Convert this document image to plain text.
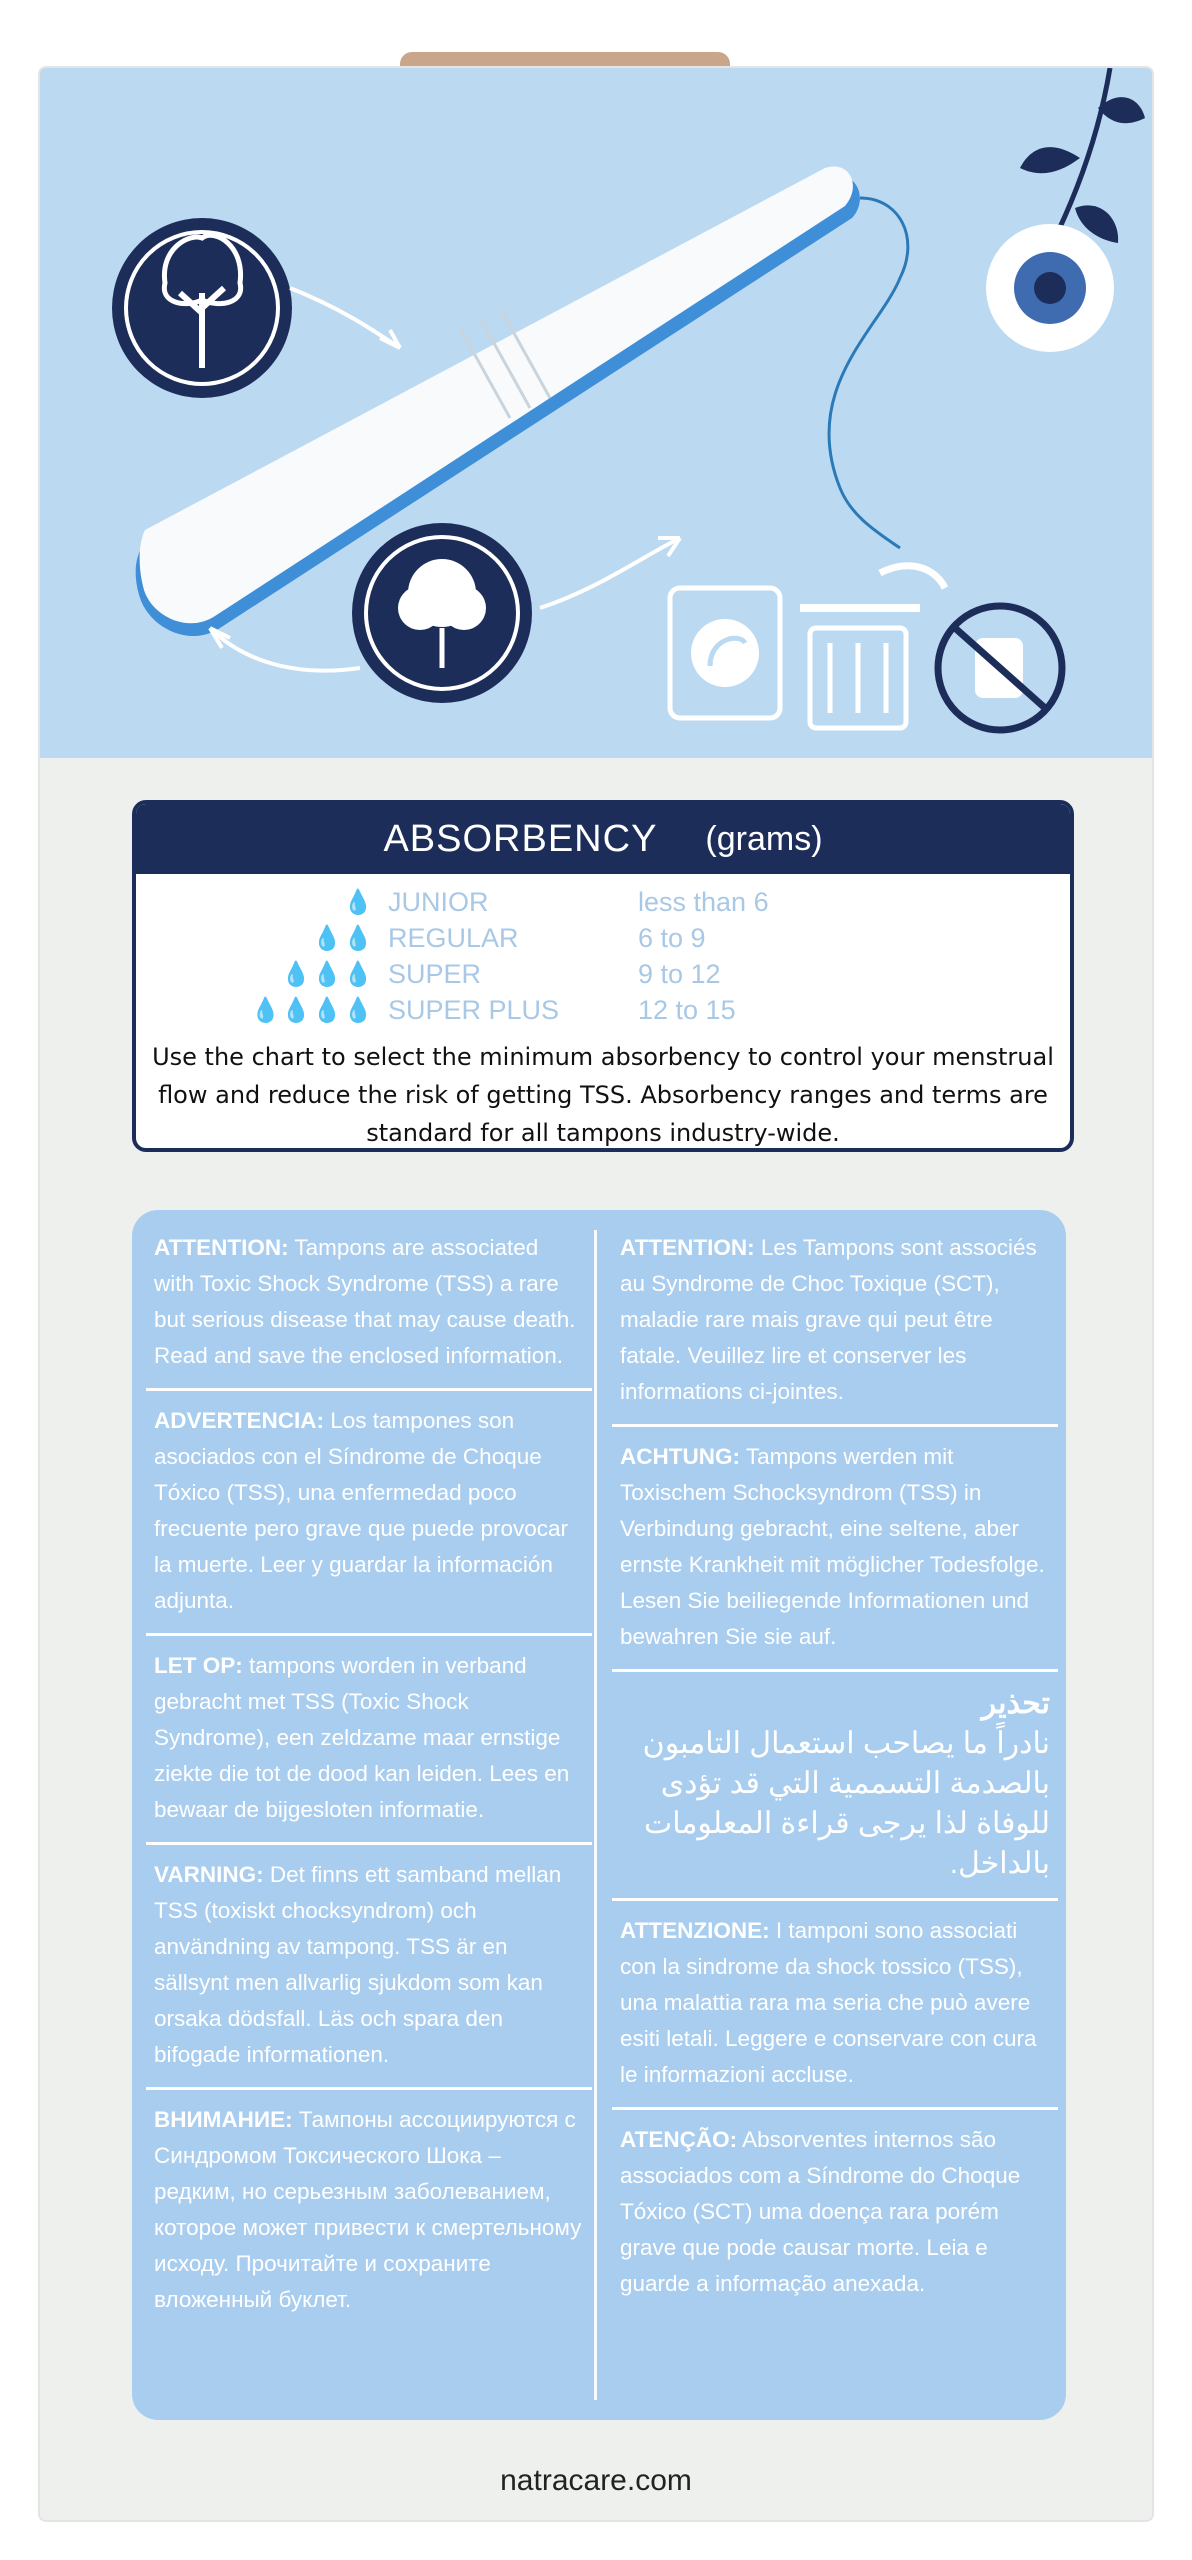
ABSORBENCY (grams)
💧 JUNIOR	less than 6
💧💧 REGULAR	6 to 9
💧💧💧 SUPER	9 to 12
💧💧💧💧 SUPER PLUS	12 to 15
Use the chart to select the minimum absorbency to control your menstrual flow and reduce the risk of getting TSS. Absorbency ranges and terms are standard for all tampons industry-wide.
ATTENTION: Tampons are associated with Toxic Shock Syndrome (TSS) a rare but serious disease that may cause death. Read and save the enclosed information.
ADVERTENCIA: Los tampones son asociados con el Síndrome de Choque Tóxico (TSS), una enfermedad poco frecuente pero grave que puede provocar la muerte. Leer y guardar la información adjunta.
LET OP: tampons worden in verband gebracht met TSS (Toxic Shock Syndrome), een zeldzame maar ernstige ziekte die tot de dood kan leiden. Lees en bewaar de bijgesloten informatie.
VARNING: Det finns ett samband mellan TSS (toxiskt chocksyndrom) och användning av tampong. TSS är en sällsynt men allvarlig sjukdom som kan orsaka dödsfall. Läs och spara den bifogade informationen.
ВНИМАНИЕ: Тампоны ассоциируются с Синдромом Токсического Шока – редким, но серьезным заболеванием, которое может привести к смертельному исходу. Прочитайте и сохраните вложенный буклет.
ATTENTION: Les Tampons sont associés au Syndrome de Choc Toxique (SCT), maladie rare mais grave qui peut être fatale. Veuillez lire et conserver les informations ci-jointes.
ACHTUNG: Tampons werden mit Toxischem Schocksyndrom (TSS) in Verbindung gebracht, eine seltene, aber ernste Krankheit mit möglicher Todesfolge. Lesen Sie beiliegende Informationen und bewahren Sie sie auf.
تحذير
نادراً ما يصاحب استعمال التامبون بالصدمة التسممية التي قد تؤدى للوفاة لذا يرجى قراءة المعلومات بالداخل.
ATTENZIONE: I tamponi sono associati con la sindrome da shock tossico (TSS), una malattia rara ma seria che può avere esiti letali. Leggere e conservare con cura le informazioni accluse.
ATENÇÃO: Absorventes internos são associados com a Síndrome do Choque Tóxico (SCT) uma doença rara porém grave que pode causar morte. Leia e guarde a informação anexada.
natracare.com
